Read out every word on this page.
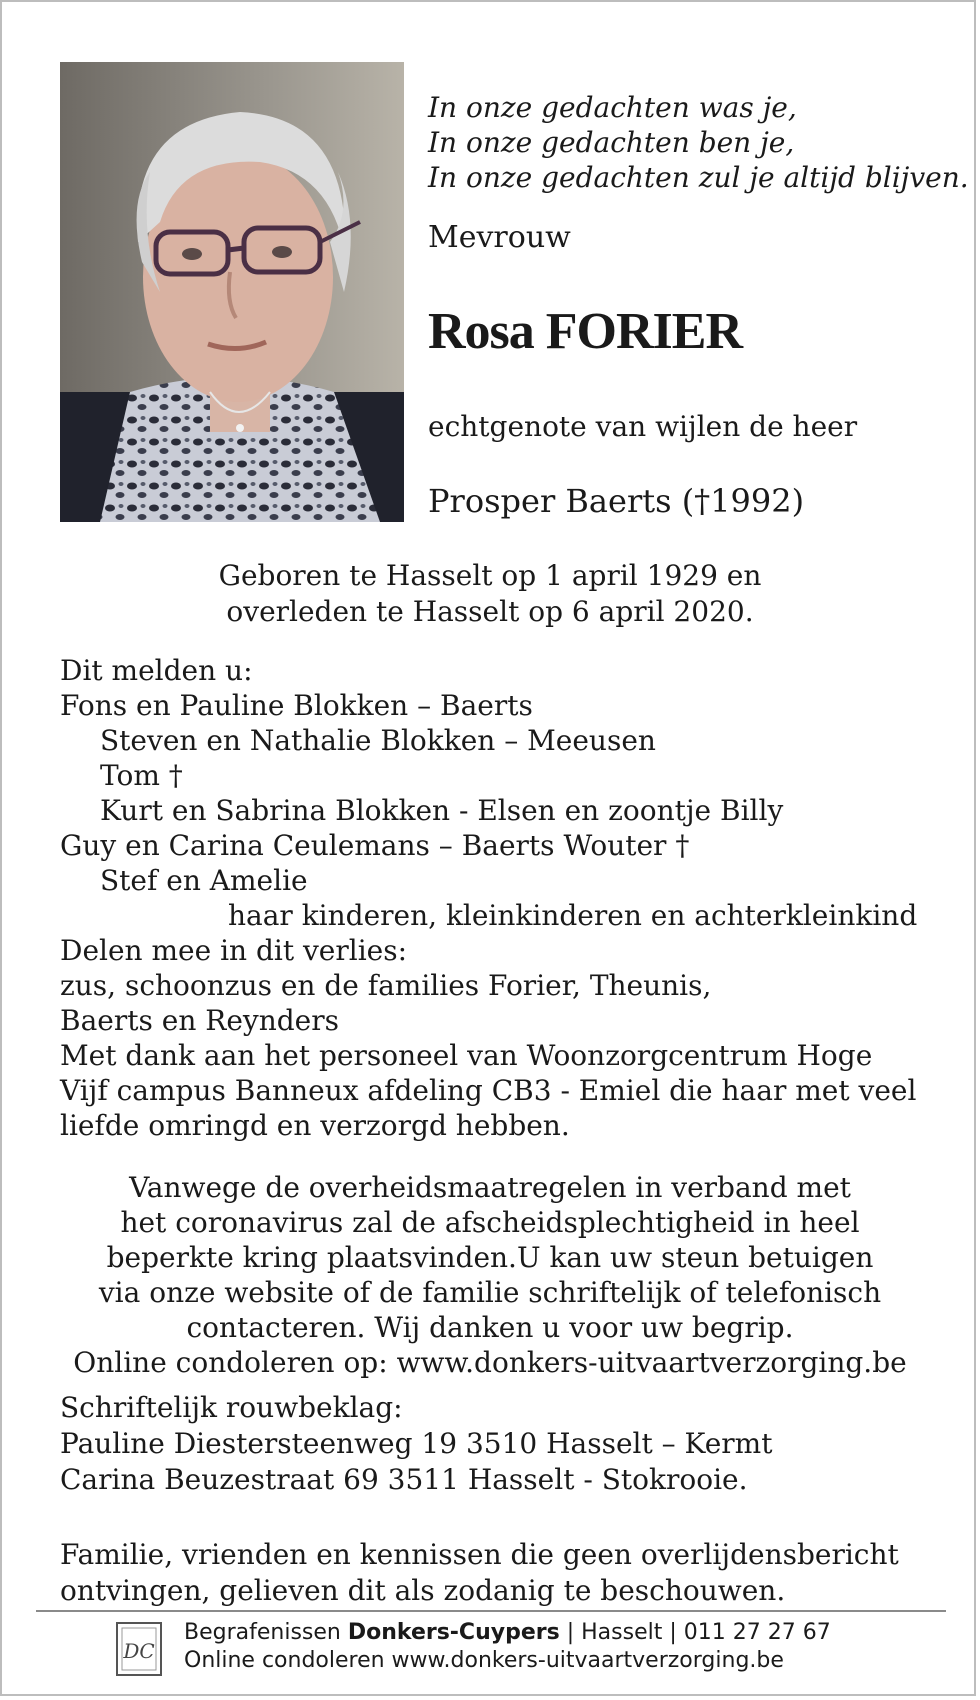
In onze gedachten was je,
In onze gedachten ben je,
In onze gedachten zul je altijd blijven.
Mevrouw
Rosa FORIER
echtgenote van wijlen de heer
Prosper Baerts (†1992)
Geboren te Hasselt op 1 april 1929 en
overleden te Hasselt op 6 april 2020.
Dit melden u:
Fons en Pauline Blokken – Baerts
Steven en Nathalie Blokken – Meeusen
Tom †
Kurt en Sabrina Blokken - Elsen en zoontje Billy
Guy en Carina Ceulemans – Baerts Wouter †
Stef en Amelie
haar kinderen, kleinkinderen en achterkleinkind
Delen mee in dit verlies:
zus, schoonzus en de families Forier, Theunis,
Baerts en Reynders
Met dank aan het personeel van Woonzorgcentrum Hoge
Vijf campus Banneux afdeling CB3 - Emiel die haar met veel
liefde omringd en verzorgd hebben.
Vanwege de overheidsmaatregelen in verband met
het coronavirus zal de afscheidsplechtigheid in heel
beperkte kring plaatsvinden.U kan uw steun betuigen
via onze website of de familie schriftelijk of telefonisch
contacteren. Wij danken u voor uw begrip.
Online condoleren op: www.donkers-uitvaartverzorging.be
Schriftelijk rouwbeklag:
Pauline Diestersteenweg 19 3510 Hasselt – Kermt
Carina Beuzestraat 69 3511 Hasselt - Stokrooie.
Familie, vrienden en kennissen die geen overlijdensbericht
ontvingen, gelieven dit als zodanig te beschouwen.
DC
Begrafenissen Donkers-Cuypers | Hasselt | 011 27 27 67
Online condoleren www.donkers-uitvaartverzorging.be
